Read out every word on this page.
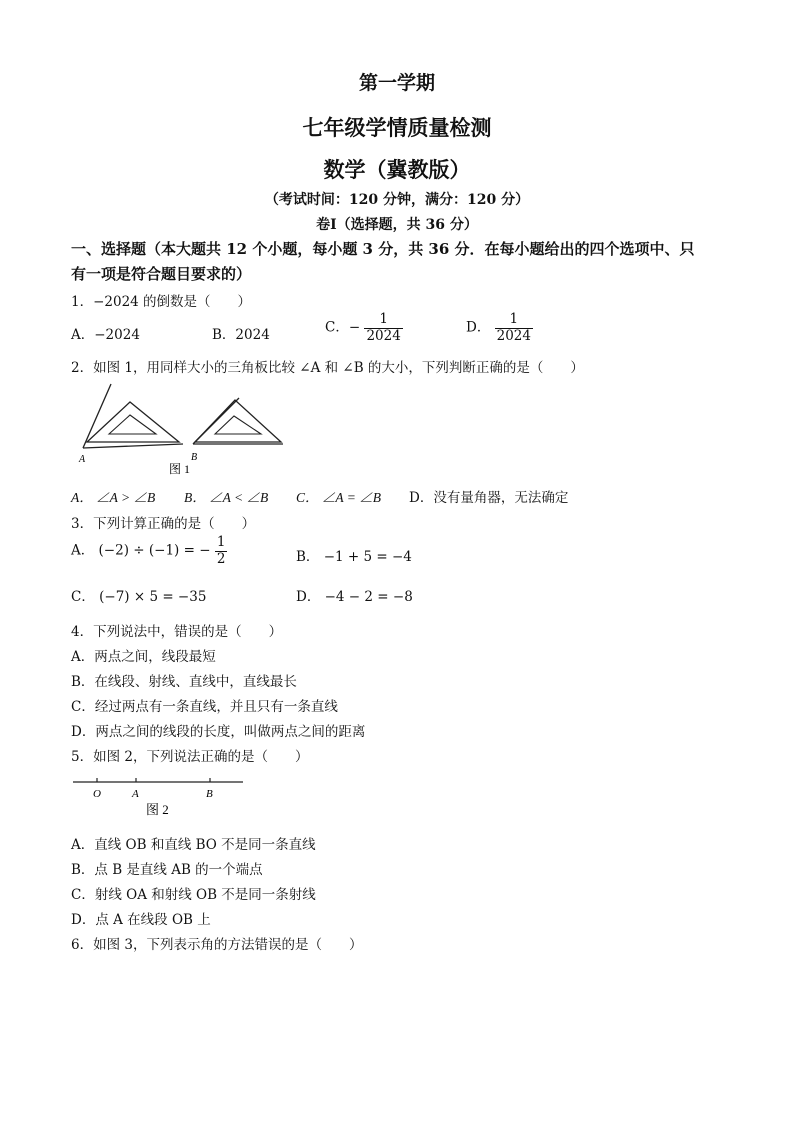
第一学期
七年级学情质量检测
数学（冀教版）
（考试时间：120 分钟，满分：120 分）
卷Ⅰ（选择题，共 36 分）
一、选择题（本大题共 12 个小题，每小题 3 分，共 36 分．在每小题给出的四个选项中、只
有一项是符合题目要求的）
1．−2024 的倒数是（　　）
A．−2024	B．2024	C．− $\frac{1}{2024}$	D． $\frac{1}{2024}$
2．如图 1，用同样大小的三角板比较 ∠A 和 ∠B 的大小，下列判断正确的是（　　）
A	B
图 1
A． ∠A > ∠B B． ∠A < ∠B C． ∠A = ∠B D．没有量角器，无法确定
3．下列计算正确的是（　　）
A． (−2) ÷ (−1) = − $\frac{1}{2}$	B． −1 + 5 = −4
C． (−7) × 5 = −35	D． −4 − 2 = −8
4．下列说法中，错误的是（　　）
A．两点之间，线段最短
B．在线段、射线、直线中，直线最长
C．经过两点有一条直线，并且只有一条直线
D．两点之间的线段的长度，叫做两点之间的距离
5．如图 2，下列说法正确的是（　　）
O	A	B
图 2
A．直线 OB 和直线 BO 不是同一条直线
B．点 B 是直线 AB 的一个端点
C．射线 OA 和射线 OB 不是同一条射线
D．点 A 在线段 OB 上
6．如图 3，下列表示角的方法错误的是（　　）
